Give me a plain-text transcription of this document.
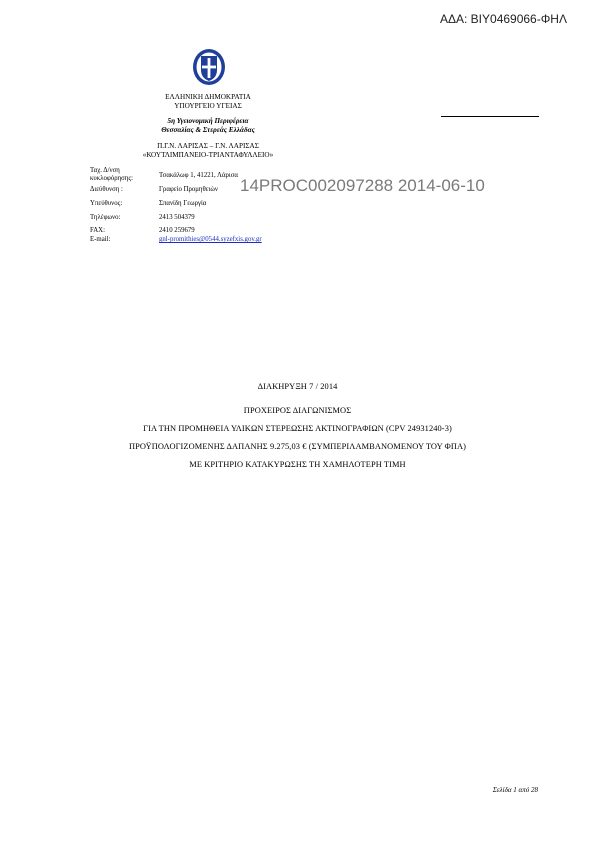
ΑΔΑ: ΒΙΥ0469066-ΦΗΛ
ΕΛΛΗΝΙΚΗ ΔΗΜΟΚΡΑΤΙΑ
ΥΠΟΥΡΓΕΙΟ ΥΓΕΙΑΣ
5η Υγειονομική Περιφέρεια
Θεσσαλίας & Στερεάς Ελλάδας
Π.Γ.Ν. ΛΑΡΙΣΑΣ – Γ.Ν. ΛΑΡΙΣΑΣ
«ΚΟΥΤΛΙΜΠΑΝΕΙΟ-ΤΡΙΑΝΤΑΦΥΛΛΕΙΟ»
14PROC002097288 2014-06-10
Ταχ. Δ/νση
κυκλοφόρησης:	Τσακάλωφ 1, 41221, Λάρισα
Διεύθυνση :	Γραφείο Προμηθειών
Υπεύθυνος:	Σπανίδη Γεωργία
Τηλέφωνο:	2413 504379
FAX:	2410 259679
E-mail:	gnl-promithies@0544.syzefxis.gov.gr
ΔΙΑΚΗΡΥΞΗ 7 / 2014
ΠΡΟΧΕΙΡΟΣ ΔΙΑΓΩΝΙΣΜΟΣ
ΓΙΑ ΤΗΝ ΠΡΟΜΗΘΕΙΑ ΥΛΙΚΩΝ ΣΤΕΡΕΩΣΗΣ ΑΚΤΙΝΟΓΡΑΦΙΩΝ (CPV 24931240-3)
ΠΡΟΫΠΟΛΟΓΙΖΟΜΕΝΗΣ ΔΑΠΑΝΗΣ 9.275,03 € (ΣΥΜΠΕΡΙΛΑΜΒΑΝΟΜΕΝΟΥ ΤΟΥ ΦΠΑ)
ΜΕ ΚΡΙΤΗΡΙΟ ΚΑΤΑΚΥΡΩΣΗΣ ΤΗ ΧΑΜΗΛΟΤΕΡΗ ΤΙΜΗ
Σελίδα 1 από 28
